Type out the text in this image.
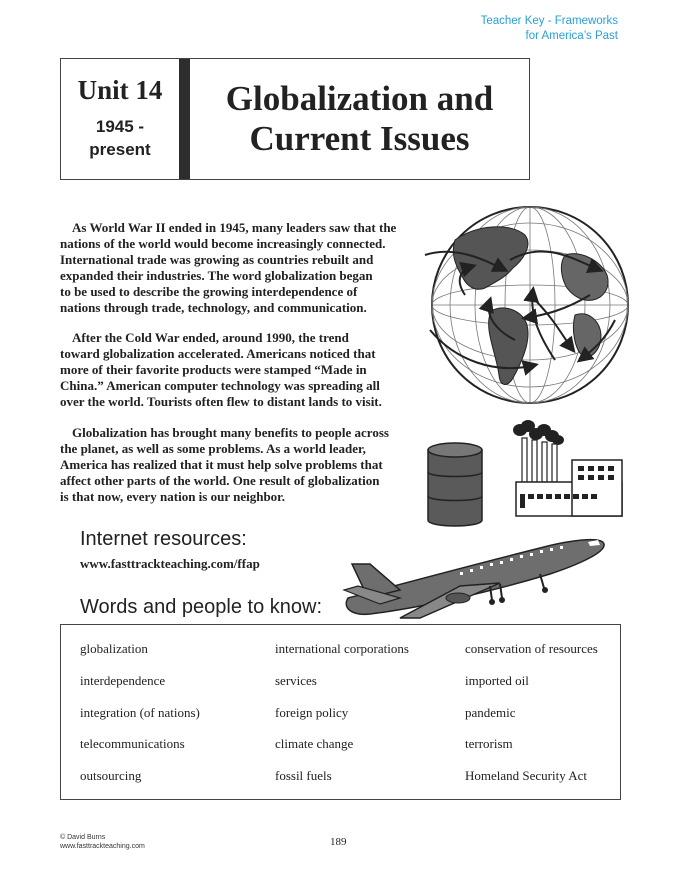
Teacher Key - Frameworks
for America’s Past
Unit 14
1945 -
present
Globalization and
Current Issues
As World War II ended in 1945, many leaders saw that the
nations of the world would become increasingly connected.
International trade was growing as countries rebuilt and
expanded their industries. The word globalization began
to be used to describe the growing interdependence of
nations through trade, technology, and communication.
After the Cold War ended, around 1990, the trend
toward globalization accelerated. Americans noticed that
more of their favorite products were stamped “Made in
China.” American computer technology was spreading all
over the world. Tourists often flew to distant lands to visit.
Globalization has brought many benefits to people across
the planet, as well as some problems. As a world leader,
America has realized that it must help solve problems that
affect other parts of the world. One result of globalization
is that now, every nation is our neighbor.
Internet resources:
www.fasttrackteaching.com/ffap
Words and people to know:
globalization
interdependence
integration (of nations)
telecommunications
outsourcing
international corporations
services
foreign policy
climate change
fossil fuels
conservation of resources
imported oil
pandemic
terrorism
Homeland Security Act
© David Burns
www.fasttrackteaching.com	189
